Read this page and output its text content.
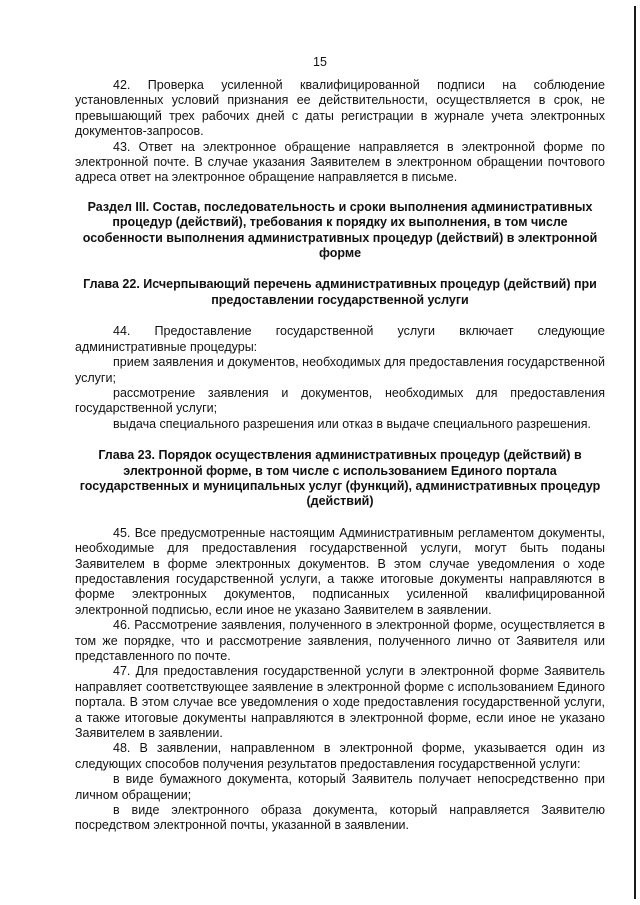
15

42. Проверка усиленной квалифицированной подписи на соблюдение установленных условий признания ее действительности, осуществляется в срок, не превышающий трех рабочих дней с даты регистрации в журнале учета электронных документов-запросов.

43. Ответ на электронное обращение направляется в электронной форме по электронной почте. В случае указания Заявителем в электронном обращении почтового адреса ответ на электронное обращение направляется в письме.

Раздел III. Состав, последовательность и сроки выполнения административных процедур (действий), требования к порядку их выполнения, в том числе особенности выполнения административных процедур (действий) в электронной форме
Глава 22. Исчерпывающий перечень административных процедур (действий) при предоставлении государственной услуги

44. Предоставление государственной услуги включает следующие административные процедуры:

прием заявления и документов, необходимых для предоставления государственной услуги;

рассмотрение заявления и документов, необходимых для предоставления государственной услуги;

выдача специального разрешения или отказ в выдаче специального разрешения.

Глава 23. Порядок осуществления административных процедур (действий) в электронной форме, в том числе с использованием Единого портала государственных и муниципальных услуг (функций), административных процедур (действий)

45. Все предусмотренные настоящим Административным регламентом документы, необходимые для предоставления государственной услуги, могут быть поданы Заявителем в форме электронных документов. В этом случае уведомления о ходе предоставления государственной услуги, а также итоговые документы направляются в форме электронных документов, подписанных усиленной квалифицированной электронной подписью, если иное не указано Заявителем в заявлении.

46. Рассмотрение заявления, полученного в электронной форме, осуществляется в том же порядке, что и рассмотрение заявления, полученного лично от Заявителя или представленного по почте.

47. Для предоставления государственной услуги в электронной форме Заявитель направляет соответствующее заявление в электронной форме с использованием Единого портала. В этом случае все уведомления о ходе предоставления государственной услуги, а также итоговые документы направляются в электронной форме, если иное не указано Заявителем в заявлении.

48. В заявлении, направленном в электронной форме, указывается один из следующих способов получения результатов предоставления государственной услуги:

в виде бумажного документа, который Заявитель получает непосредственно при личном обращении;

в виде электронного образа документа, который направляется Заявителю посредством электронной почты, указанной в заявлении.
